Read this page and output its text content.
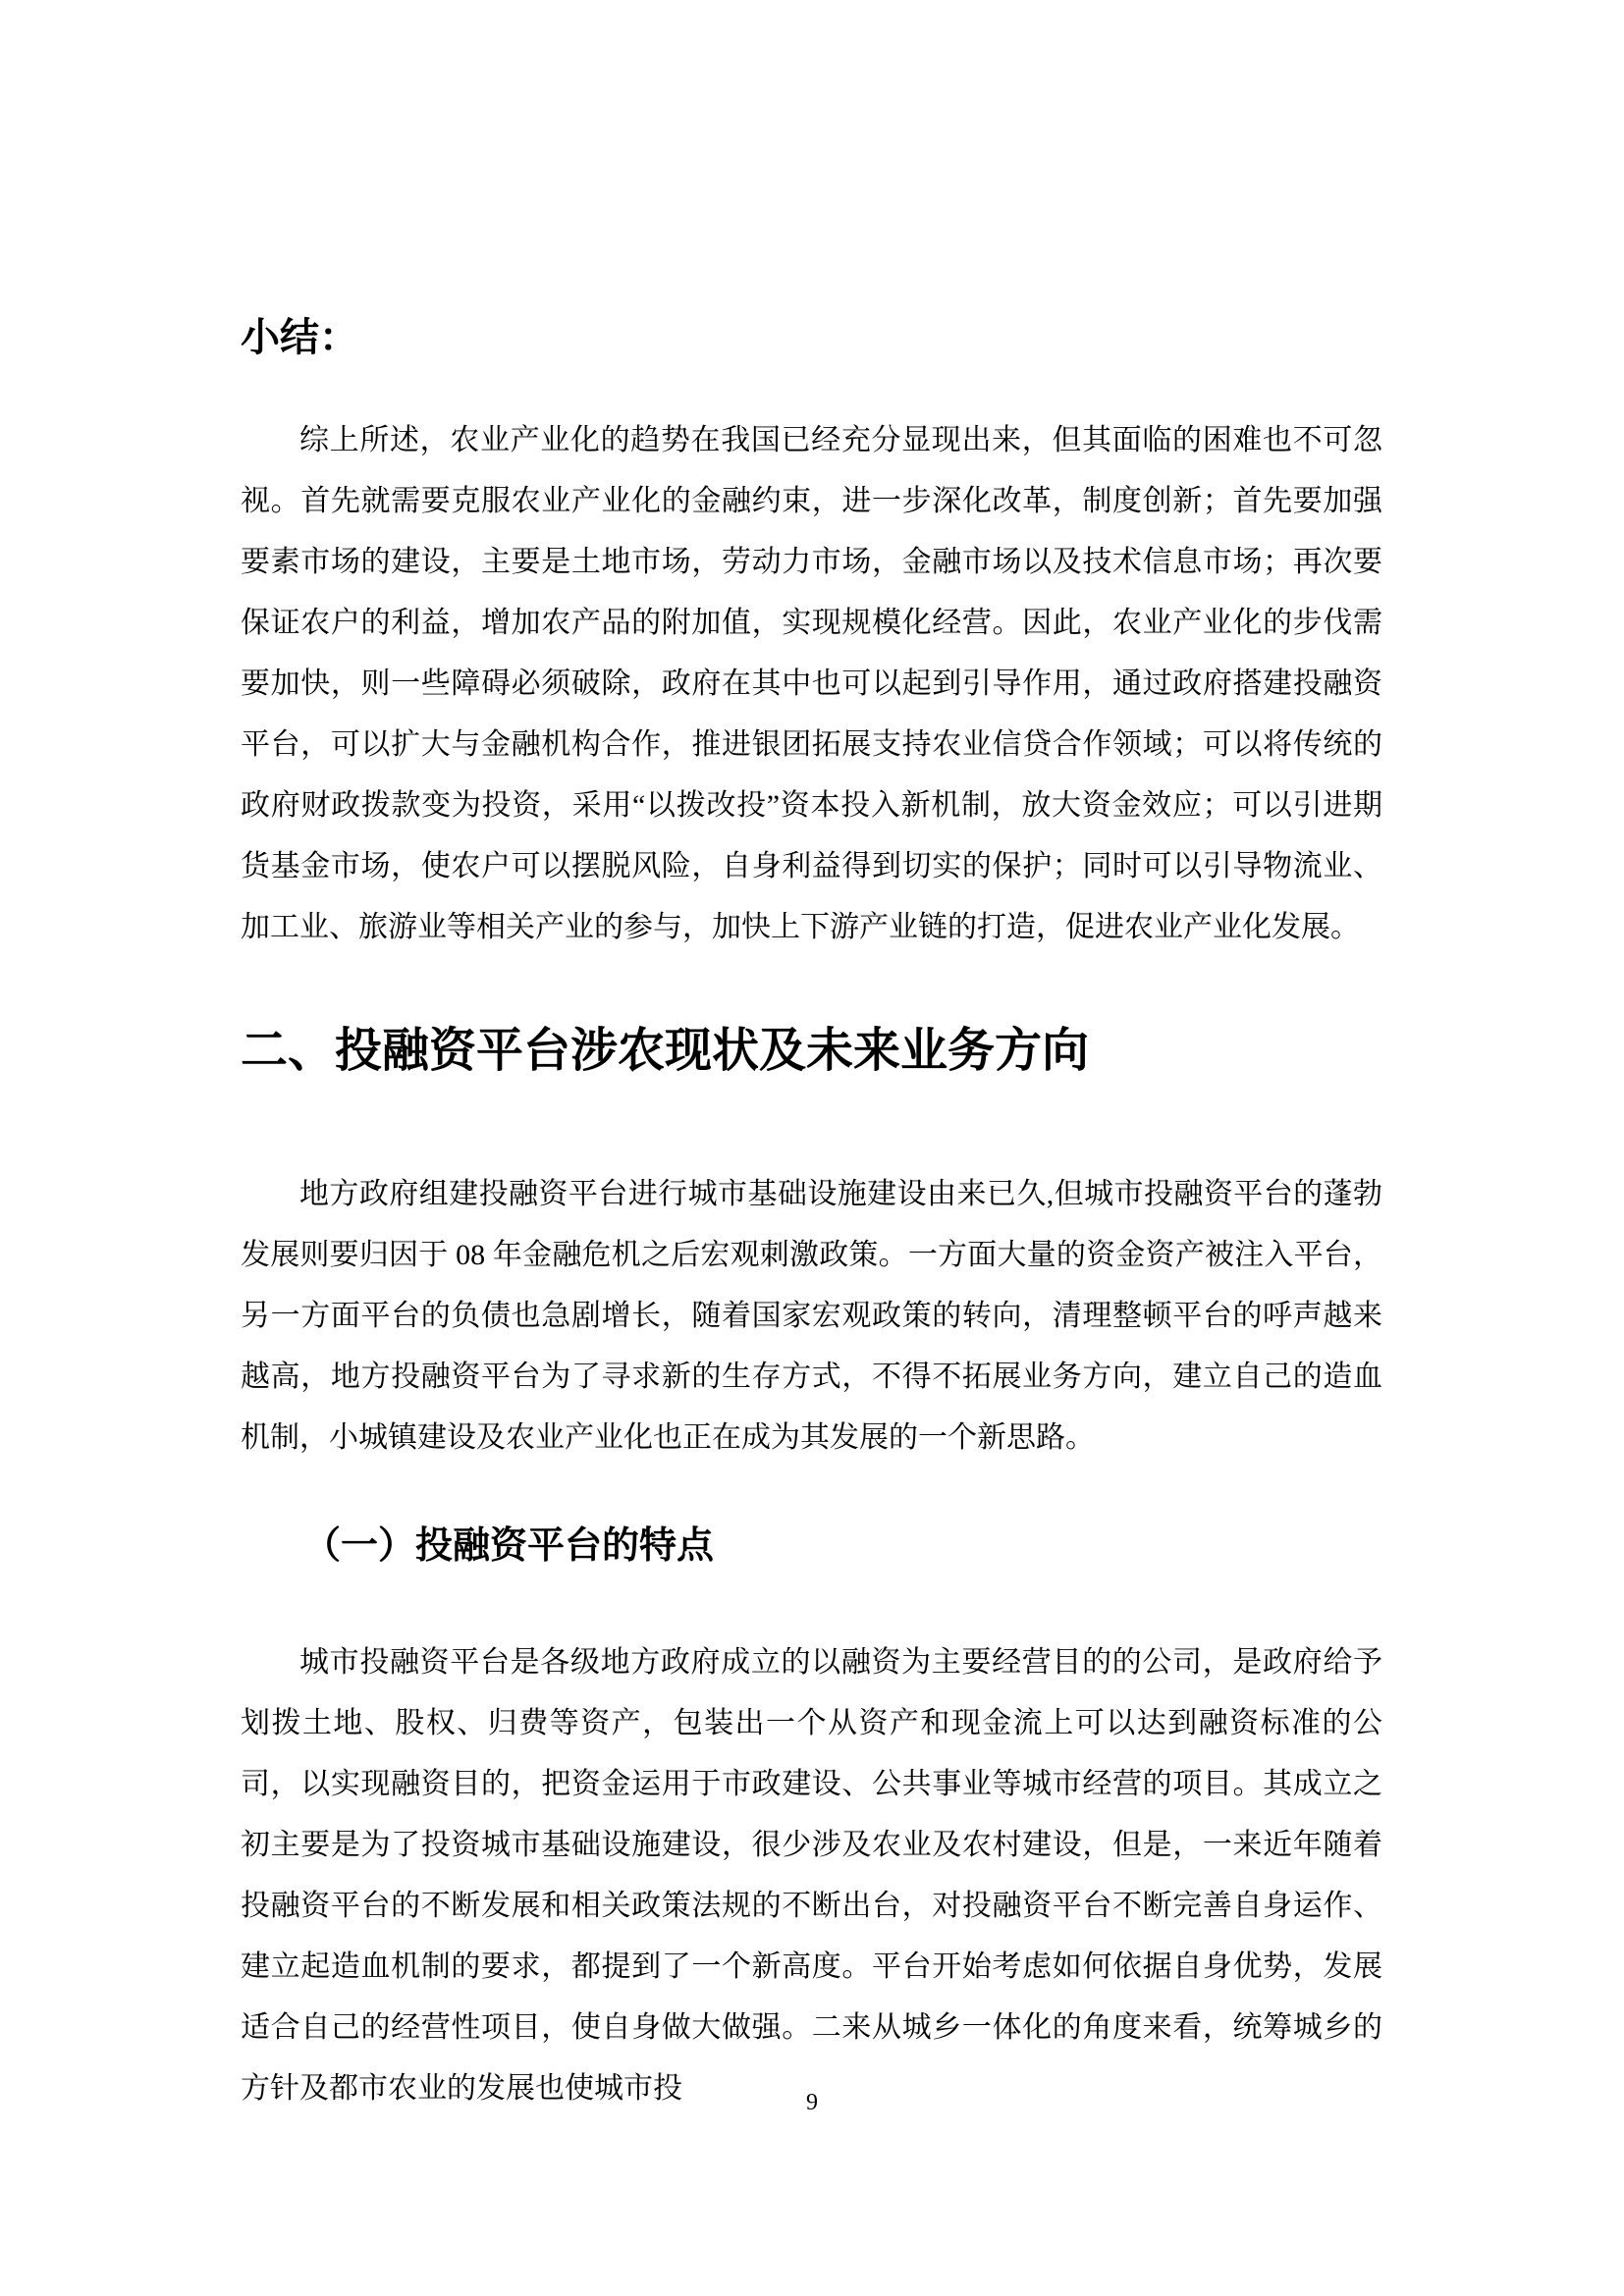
小结：

综上所述，农业产业化的趋势在我国已经充分显现出来，但其面临的困难也不可忽视。首先就需要克服农业产业化的金融约束，进一步深化改革，制度创新；首先要加强要素市场的建设，主要是土地市场，劳动力市场，金融市场以及技术信息市场；再次要保证农户的利益，增加农产品的附加值，实现规模化经营。因此，农业产业化的步伐需要加快，则一些障碍必须破除，政府在其中也可以起到引导作用，通过政府搭建投融资平台，可以扩大与金融机构合作，推进银团拓展支持农业信贷合作领域；可以将传统的政府财政拨款变为投资，采用“以拨改投”资本投入新机制，放大资金效应；可以引进期货基金市场，使农户可以摆脱风险，自身利益得到切实的保护；同时可以引导物流业、加工业、旅游业等相关产业的参与，加快上下游产业链的打造，促进农业产业化发展。

二、投融资平台涉农现状及未来业务方向

地方政府组建投融资平台进行城市基础设施建设由来已久,但城市投融资平台的蓬勃发展则要归因于 08 年金融危机之后宏观刺激政策。一方面大量的资金资产被注入平台，另一方面平台的负债也急剧增长，随着国家宏观政策的转向，清理整顿平台的呼声越来越高，地方投融资平台为了寻求新的生存方式，不得不拓展业务方向，建立自己的造血机制，小城镇建设及农业产业化也正在成为其发展的一个新思路。

（一）投融资平台的特点

城市投融资平台是各级地方政府成立的以融资为主要经营目的的公司，是政府给予划拨土地、股权、归费等资产，包装出一个从资产和现金流上可以达到融资标准的公司，以实现融资目的，把资金运用于市政建设、公共事业等城市经营的项目。其成立之初主要是为了投资城市基础设施建设，很少涉及农业及农村建设，但是，一来近年随着投融资平台的不断发展和相关政策法规的不断出台，对投融资平台不断完善自身运作、建立起造血机制的要求，都提到了一个新高度。平台开始考虑如何依据自身优势，发展适合自己的经营性项目，使自身做大做强。二来从城乡一体化的角度来看，统筹城乡的方针及都市农业的发展也使城市投	9
